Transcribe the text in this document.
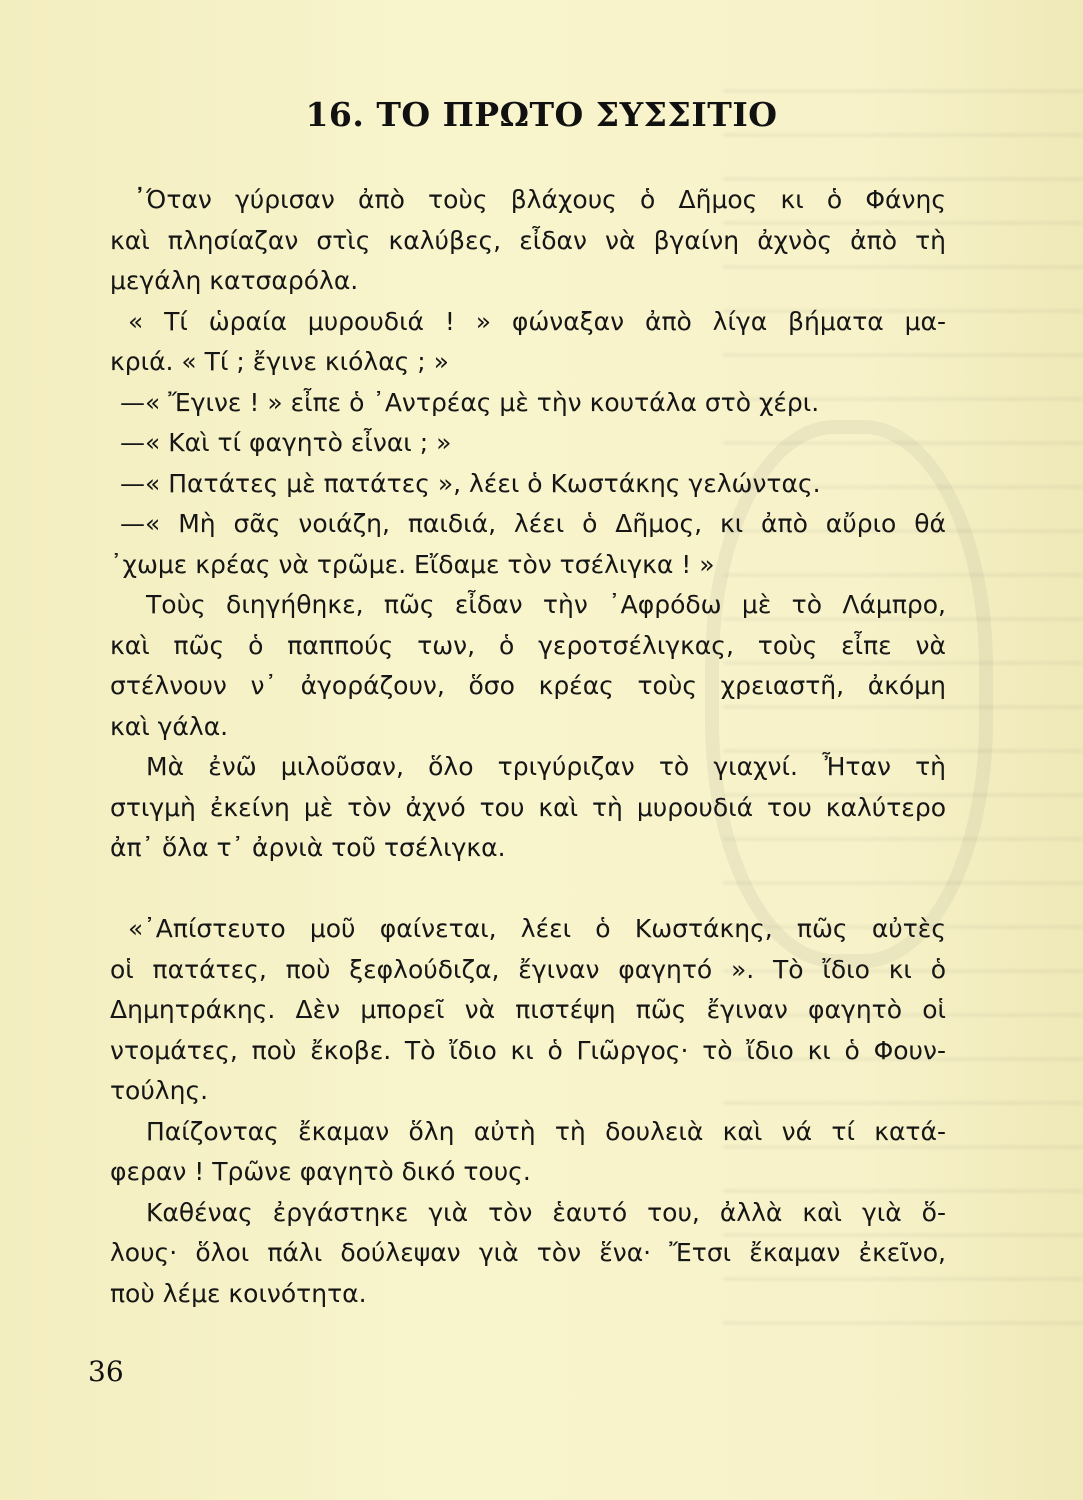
16. ΤΟ ΠΡΩΤΟ ΣΥΣΣΙΤΙΟ
̓Όταν γύρισαν ἀπὸ τοὺς βλάχους ὁ Δῆμος κι ὁ Φάνης
καὶ πλησίαζαν στὶς καλύβες, εἶδαν νὰ βγαίνη ἀχνὸς ἀπὸ τὴ
μεγάλη κατσαρόλα.
« Τί ὡραία μυρουδιά ! » φώναξαν ἀπὸ λίγα βήματα μα-
κριά. « Τί ; ἔγινε κιόλας ; »
—« Ἔγινε ! » εἶπε ὁ ᾿Αντρέας μὲ τὴν κουτάλα στὸ χέρι.
—« Καὶ τί φαγητὸ εἶναι ; »
—« Πατάτες μὲ πατάτες », λέει ὁ Κωστάκης γελώντας.
—« Μὴ σᾶς νοιάζη, παιδιά, λέει ὁ Δῆμος, κι ἀπὸ αὔριο θά
᾿χωμε κρέας νὰ τρῶμε. Εἴδαμε τὸν τσέλιγκα ! »
Τοὺς διηγήθηκε, πῶς εἶδαν τὴν ᾿Αφρόδω μὲ τὸ Λάμπρο,
καὶ πῶς ὁ παππούς των, ὁ γεροτσέλιγκας, τοὺς εἶπε νὰ
στέλνουν ν᾿ ἀγοράζουν, ὅσο κρέας τοὺς χρειαστῆ, ἀκόμη
καὶ γάλα.
Μὰ ἐνῶ μιλοῦσαν, ὅλο τριγύριζαν τὸ γιαχνί. Ἦταν τὴ
στιγμὴ ἐκείνη μὲ τὸν ἀχνό του καὶ τὴ μυρουδιά του καλύτερο
ἀπ᾿ ὅλα τ᾿ ἀρνιὰ τοῦ τσέλιγκα.
«᾿Απίστευτο μοῦ φαίνεται, λέει ὁ Κωστάκης, πῶς αὐτὲς
οἱ πατάτες, ποὺ ξεφλούδιζα, ἔγιναν φαγητό ». Τὸ ἴδιο κι ὁ
Δημητράκης. Δὲν μπορεῖ νὰ πιστέψη πῶς ἔγιναν φαγητὸ οἱ
ντομάτες, ποὺ ἔκοβε. Τὸ ἴδιο κι ὁ Γιῶργος· τὸ ἴδιο κι ὁ Φουν-
τούλης.
Παίζοντας ἔκαμαν ὅλη αὐτὴ τὴ δουλειὰ καὶ νά τί κατά-
φεραν ! Τρῶνε φαγητὸ δικό τους.
Καθένας ἐργάστηκε γιὰ τὸν ἑαυτό του, ἀλλὰ καὶ γιὰ ὅ-
λους· ὅλοι πάλι δούλεψαν γιὰ τὸν ἕνα· Ἔτσι ἔκαμαν ἐκεῖνο,
ποὺ λέμε κοινότητα.
36
